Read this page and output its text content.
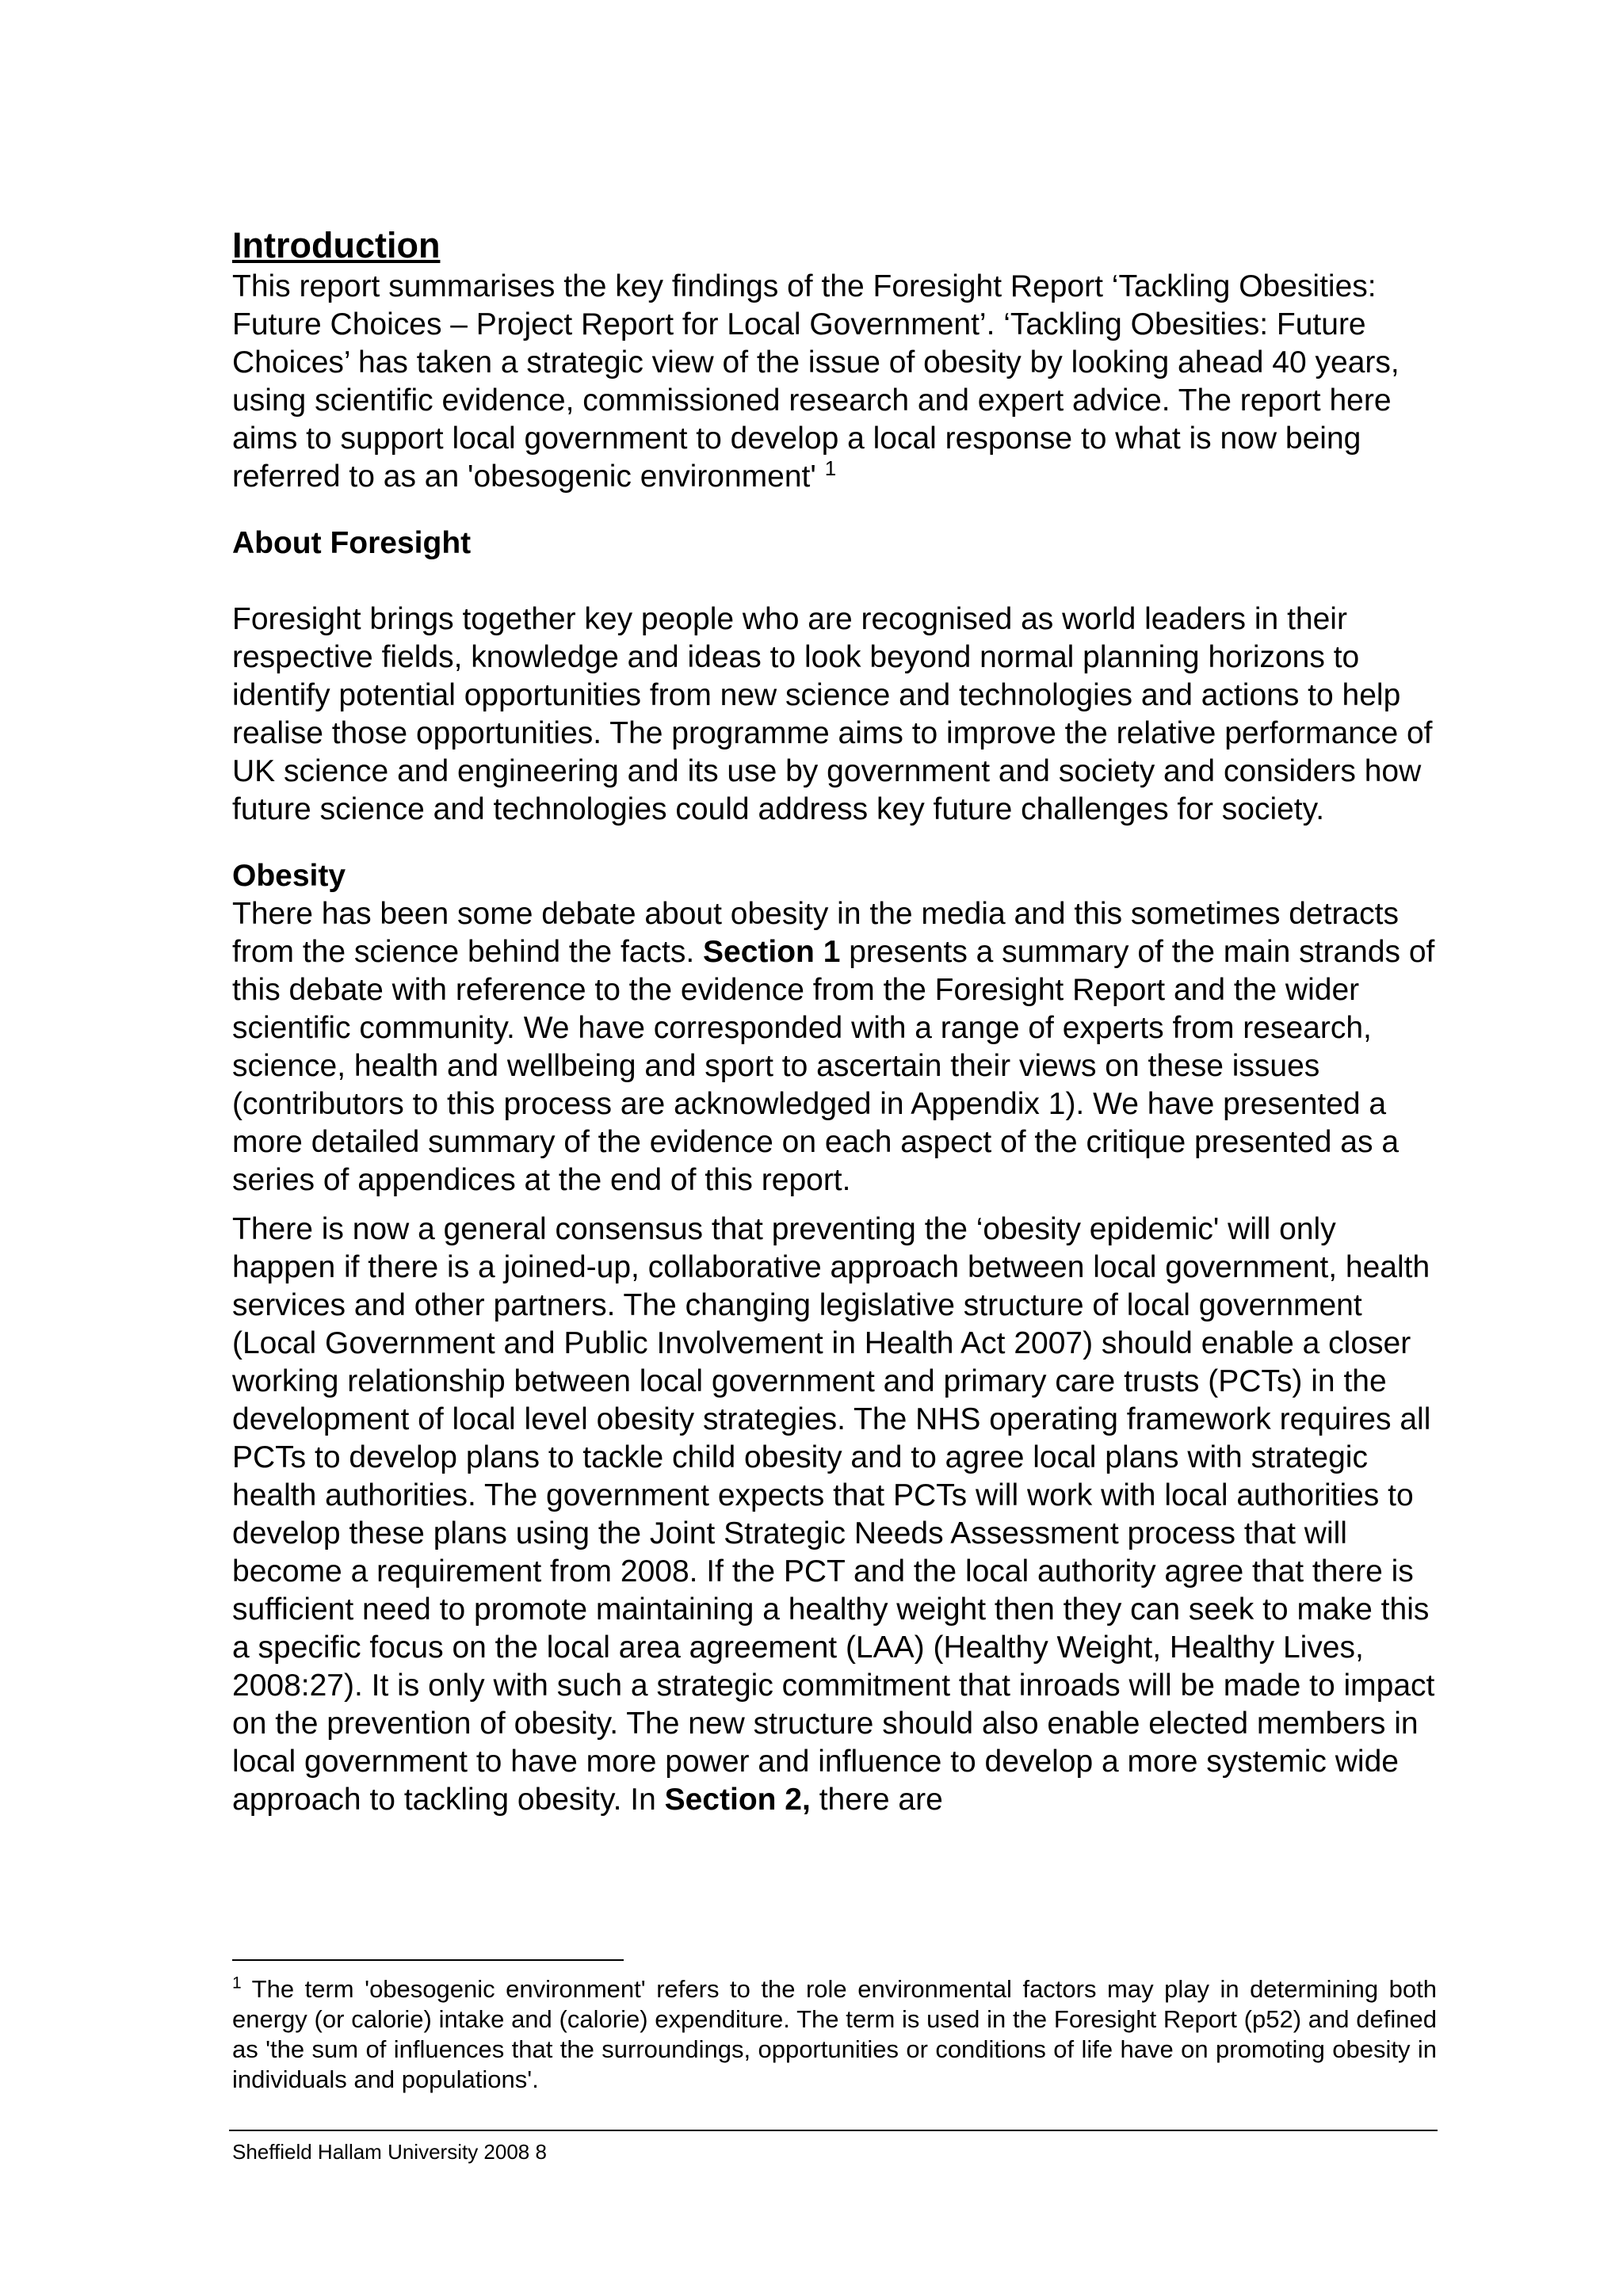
Introduction

This report summarises the key findings of the Foresight Report ‘Tackling Obesities: Future Choices – Project Report for Local Government’. ‘Tackling Obesities: Future Choices’ has taken a strategic view of the issue of obesity by looking ahead 40 years, using scientific evidence, commissioned research and expert advice. The report here aims to support local government to develop a local response to what is now being referred to as an 'obesogenic environment' $^1$

About Foresight

Foresight brings together key people who are recognised as world leaders in their respective fields, knowledge and ideas to look beyond normal planning horizons to identify potential opportunities from new science and technologies and actions to help realise those opportunities. The programme aims to improve the relative performance of UK science and engineering and its use by government and society and considers how future science and technologies could address key future challenges for society.

Obesity

There has been some debate about obesity in the media and this sometimes detracts from the science behind the facts. Section 1 presents a summary of the main strands of this debate with reference to the evidence from the Foresight Report and the wider scientific community. We have corresponded with a range of experts from research, science, health and wellbeing and sport to ascertain their views on these issues (contributors to this process are acknowledged in Appendix 1). We have presented a more detailed summary of the evidence on each aspect of the critique presented as a series of appendices at the end of this report.

There is now a general consensus that preventing the ‘obesity epidemic' will only happen if there is a joined-up, collaborative approach between local government, health services and other partners. The changing legislative structure of local government (Local Government and Public Involvement in Health Act 2007) should enable a closer working relationship between local government and primary care trusts (PCTs) in the development of local level obesity strategies. The NHS operating framework requires all PCTs to develop plans to tackle child obesity and to agree local plans with strategic health authorities. The government expects that PCTs will work with local authorities to develop these plans using the Joint Strategic Needs Assessment process that will become a requirement from 2008. If the PCT and the local authority agree that there is sufficient need to promote maintaining a healthy weight then they can seek to make this a specific focus on the local area agreement (LAA) (Healthy Weight, Healthy Lives, 2008:27). It is only with such a strategic commitment that inroads will be made to impact on the prevention of obesity. The new structure should also enable elected members in local government to have more power and influence to develop a more systemic wide approach to tackling obesity. In Section 2, there are

$^1$ The term 'obesogenic environment' refers to the role environmental factors may play in determining both energy (or calorie) intake and (calorie) expenditure. The term is used in the Foresight Report (p52) and defined as 'the sum of influences that the surroundings, opportunities or conditions of life have on promoting obesity in individuals and populations'.

Sheffield Hallam University 2008 8
